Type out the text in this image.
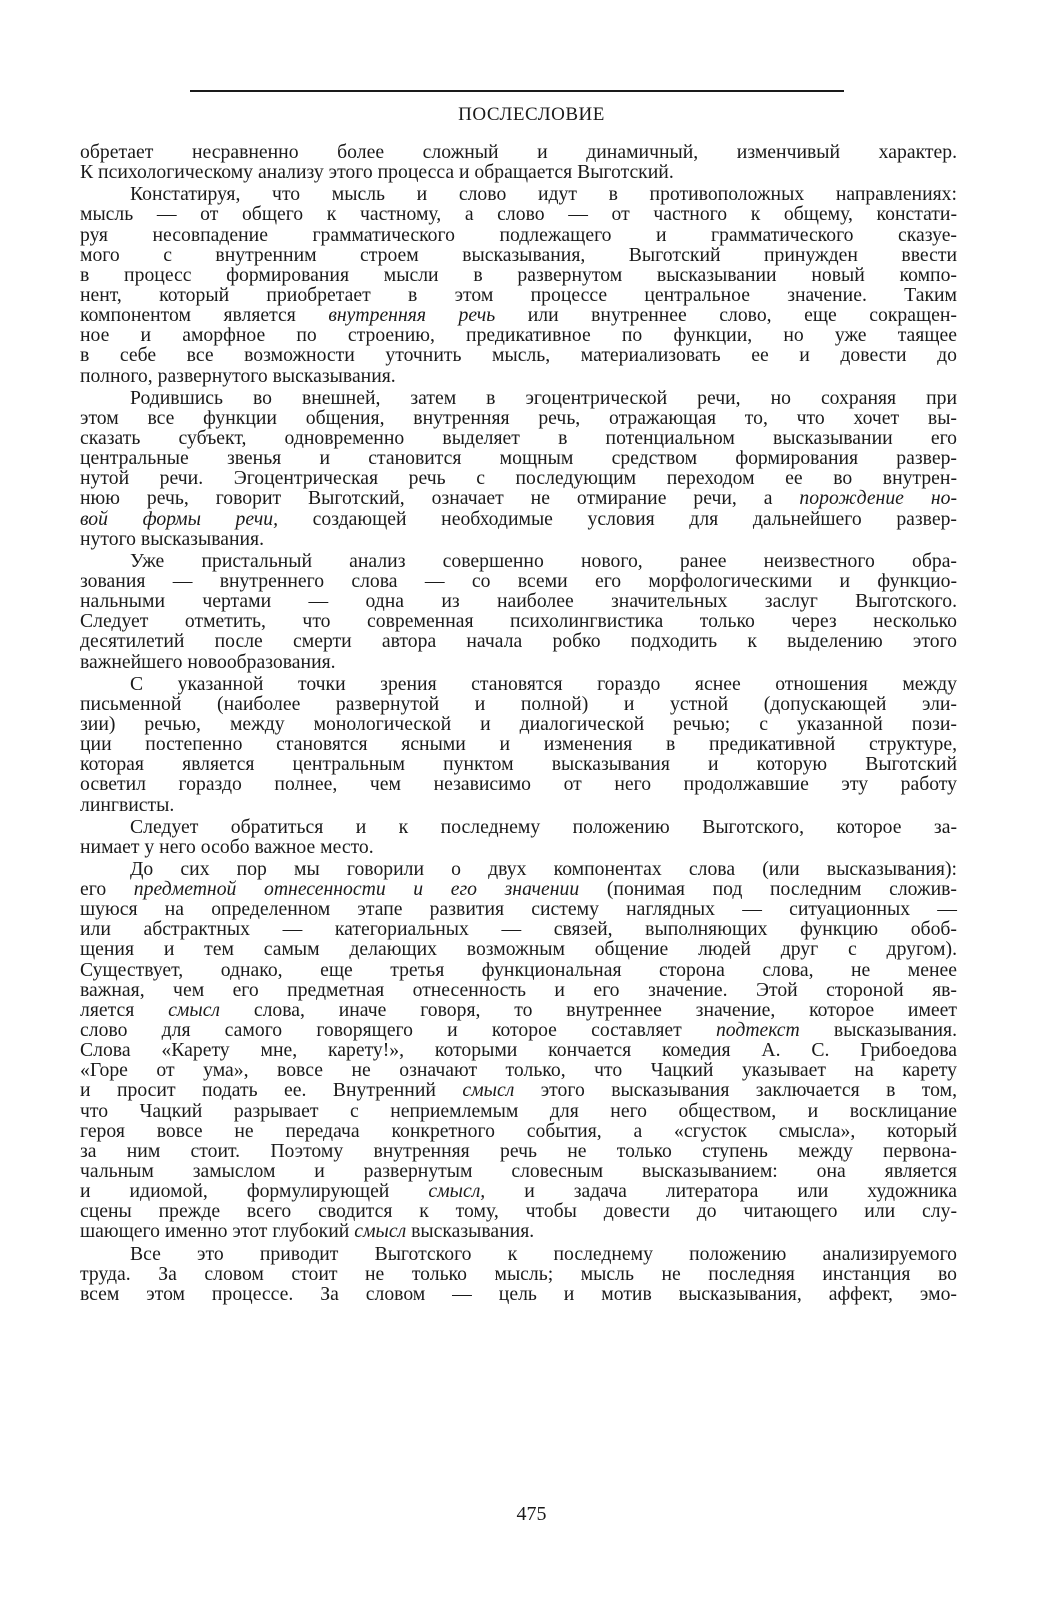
ПОСЛЕСЛОВИЕ
обретает несравненно более сложный и динамичный, изменчивый характер.
К психологическому анализу этого процесса и обращается Выготский.
Констатируя, что мысль и слово идут в противоположных направлениях:
мысль — от общего к частному, а слово — от частного к общему, констати-
руя несовпадение грамматического подлежащего и грамматического сказуе-
мого с внутренним строем высказывания, Выготский принужден ввести
в процесс формирования мысли в развернутом высказывании новый компо-
нент, который приобретает в этом процессе центральное значение. Таким
компонентом является внутренняя речь или внутреннее слово, еще сокращен-
ное и аморфное по строению, предикативное по функции, но уже таящее
в себе все возможности уточнить мысль, материализовать ее и довести до
полного, развернутого высказывания.
Родившись во внешней, затем в эгоцентрической речи, но сохраняя при
этом все функции общения, внутренняя речь, отражающая то, что хочет вы-
сказать субъект, одновременно выделяет в потенциальном высказывании его
центральные звенья и становится мощным средством формирования развер-
нутой речи. Эгоцентрическая речь с последующим переходом ее во внутрен-
нюю речь, говорит Выготский, означает не отмирание речи, а порождение но-
вой формы речи, создающей необходимые условия для дальнейшего развер-
нутого высказывания.
Уже пристальный анализ совершенно нового, ранее неизвестного обра-
зования — внутреннего слова — со всеми его морфологическими и функцио-
нальными чертами — одна из наиболее значительных заслуг Выготского.
Следует отметить, что современная психолингвистика только через несколько
десятилетий после смерти автора начала робко подходить к выделению этого
важнейшего новообразования.
С указанной точки зрения становятся гораздо яснее отношения между
письменной (наиболее развернутой и полной) и устной (допускающей эли-
зии) речью, между монологической и диалогической речью; с указанной пози-
ции постепенно становятся ясными и изменения в предикативной структуре,
которая является центральным пунктом высказывания и которую Выготский
осветил гораздо полнее, чем независимо от него продолжавшие эту работу
лингвисты.
Следует обратиться и к последнему положению Выготского, которое за-
нимает у него особо важное место.
До сих пор мы говорили о двух компонентах слова (или высказывания):
его предметной отнесенности и его значении (понимая под последним сложив-
шуюся на определенном этапе развития систему наглядных — ситуационных —
или абстрактных — категориальных — связей, выполняющих функцию обоб-
щения и тем самым делающих возможным общение людей друг с другом).
Существует, однако, еще третья функциональная сторона слова, не менее
важная, чем его предметная отнесенность и его значение. Этой стороной яв-
ляется смысл слова, иначе говоря, то внутреннее значение, которое имеет
слово для самого говорящего и которое составляет подтекст высказывания.
Слова «Карету мне, карету!», которыми кончается комедия А. С. Грибоедова
«Горе от ума», вовсе не означают только, что Чацкий указывает на карету
и просит подать ее. Внутренний смысл этого высказывания заключается в том,
что Чацкий разрывает с неприемлемым для него обществом, и восклицание
героя вовсе не передача конкретного события, а «сгусток смысла», который
за ним стоит. Поэтому внутренняя речь не только ступень между первона-
чальным замыслом и развернутым словесным высказыванием: она является
и идиомой, формулирующей смысл, и задача литератора или художника
сцены прежде всего сводится к тому, чтобы довести до читающего или слу-
шающего именно этот глубокий смысл высказывания.
Все это приводит Выготского к последнему положению анализируемого
труда. За словом стоит не только мысль; мысль не последняя инстанция во
всем этом процессе. За словом — цель и мотив высказывания, аффект, эмо-
475
